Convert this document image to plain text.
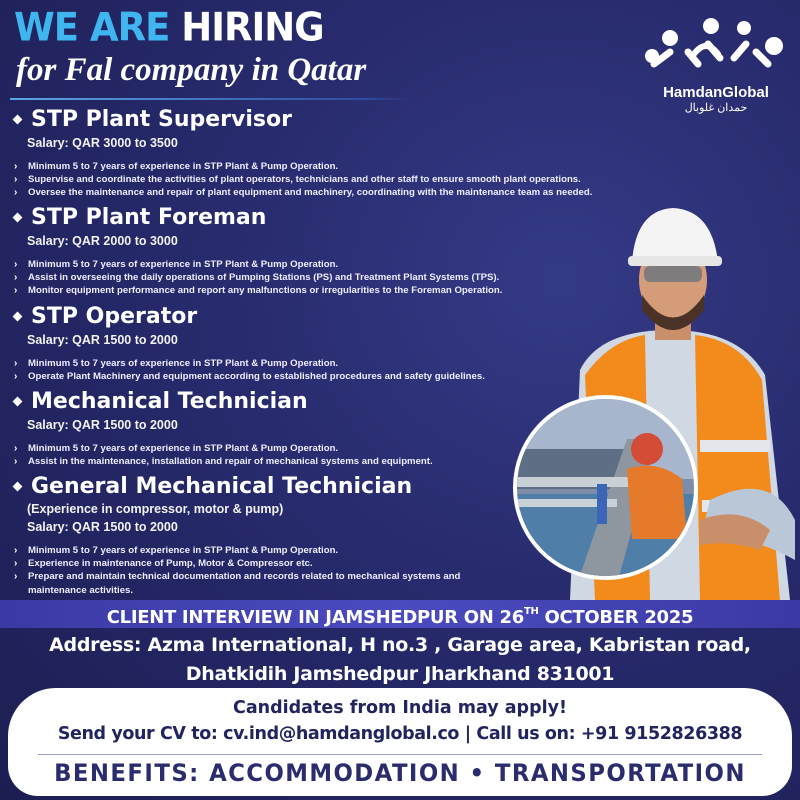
WE ARE HIRING
for Fal company in Qatar
HamdanGlobal
حمدان غلوبال
STP Plant Supervisor
Salary: QAR 3000 to 3500
› Minimum 5 to 7 years of experience in STP Plant & Pump Operation.
› Supervise and coordinate the activities of plant operators, technicians and other staff to ensure smooth plant operations.
› Oversee the maintenance and repair of plant equipment and machinery, coordinating with the maintenance team as needed.
STP Plant Foreman
Salary: QAR 2000 to 3000
› Minimum 5 to 7 years of experience in STP Plant & Pump Operation.
› Assist in overseeing the daily operations of Pumping Stations (PS) and Treatment Plant Systems (TPS).
› Monitor equipment performance and report any malfunctions or irregularities to the Foreman Operation.
STP Operator
Salary: QAR 1500 to 2000
› Minimum 5 to 7 years of experience in STP Plant & Pump Operation.
› Operate Plant Machinery and equipment according to established procedures and safety guidelines.
Mechanical Technician
Salary: QAR 1500 to 2000
› Minimum 5 to 7 years of experience in STP Plant & Pump Operation.
› Assist in the maintenance, installation and repair of mechanical systems and equipment.
General Mechanical Technician
(Experience in compressor, motor & pump)
Salary: QAR 1500 to 2000
› Minimum 5 to 7 years of experience in STP Plant & Pump Operation.
› Experience in maintenance of Pump, Motor & Compressor etc.
› Prepare and maintain technical documentation and records related to mechanical systems and maintenance activities.
CLIENT INTERVIEW IN JAMSHEDPUR ON 26TH OCTOBER 2025
Address: Azma International, H no.3 , Garage area, Kabristan road,
Dhatkidih Jamshedpur Jharkhand 831001
Candidates from India may apply!
Send your CV to: cv.ind@hamdanglobal.co | Call us on: +91 9152826388
BENEFITS: ACCOMMODATION • TRANSPORTATION
